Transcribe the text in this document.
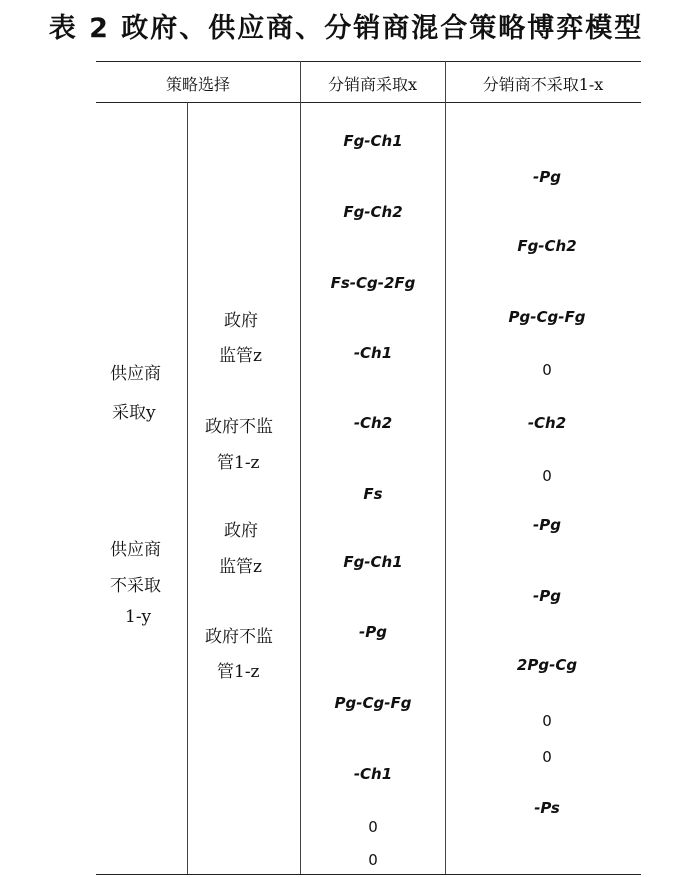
表 2 政府、供应商、分销商混合策略博弈模型
策略选择	分销商采取x	分销商不采取1-x
供应商
采取y
供应商
不采取
1-y
政府
监管z
政府不监
管1-z
政府
监管z
政府不监
管1-z
Fg-Ch1
Fg-Ch2
Fs-Cg-2Fg
-Ch1
-Ch2
Fs
Fg-Ch1
-Pg
Pg-Cg-Fg
-Ch1
0
0
-Pg
Fg-Ch2
Pg-Cg-Fg
0
-Ch2
0
-Pg
-Pg
2Pg-Cg
0
0
-Ps
